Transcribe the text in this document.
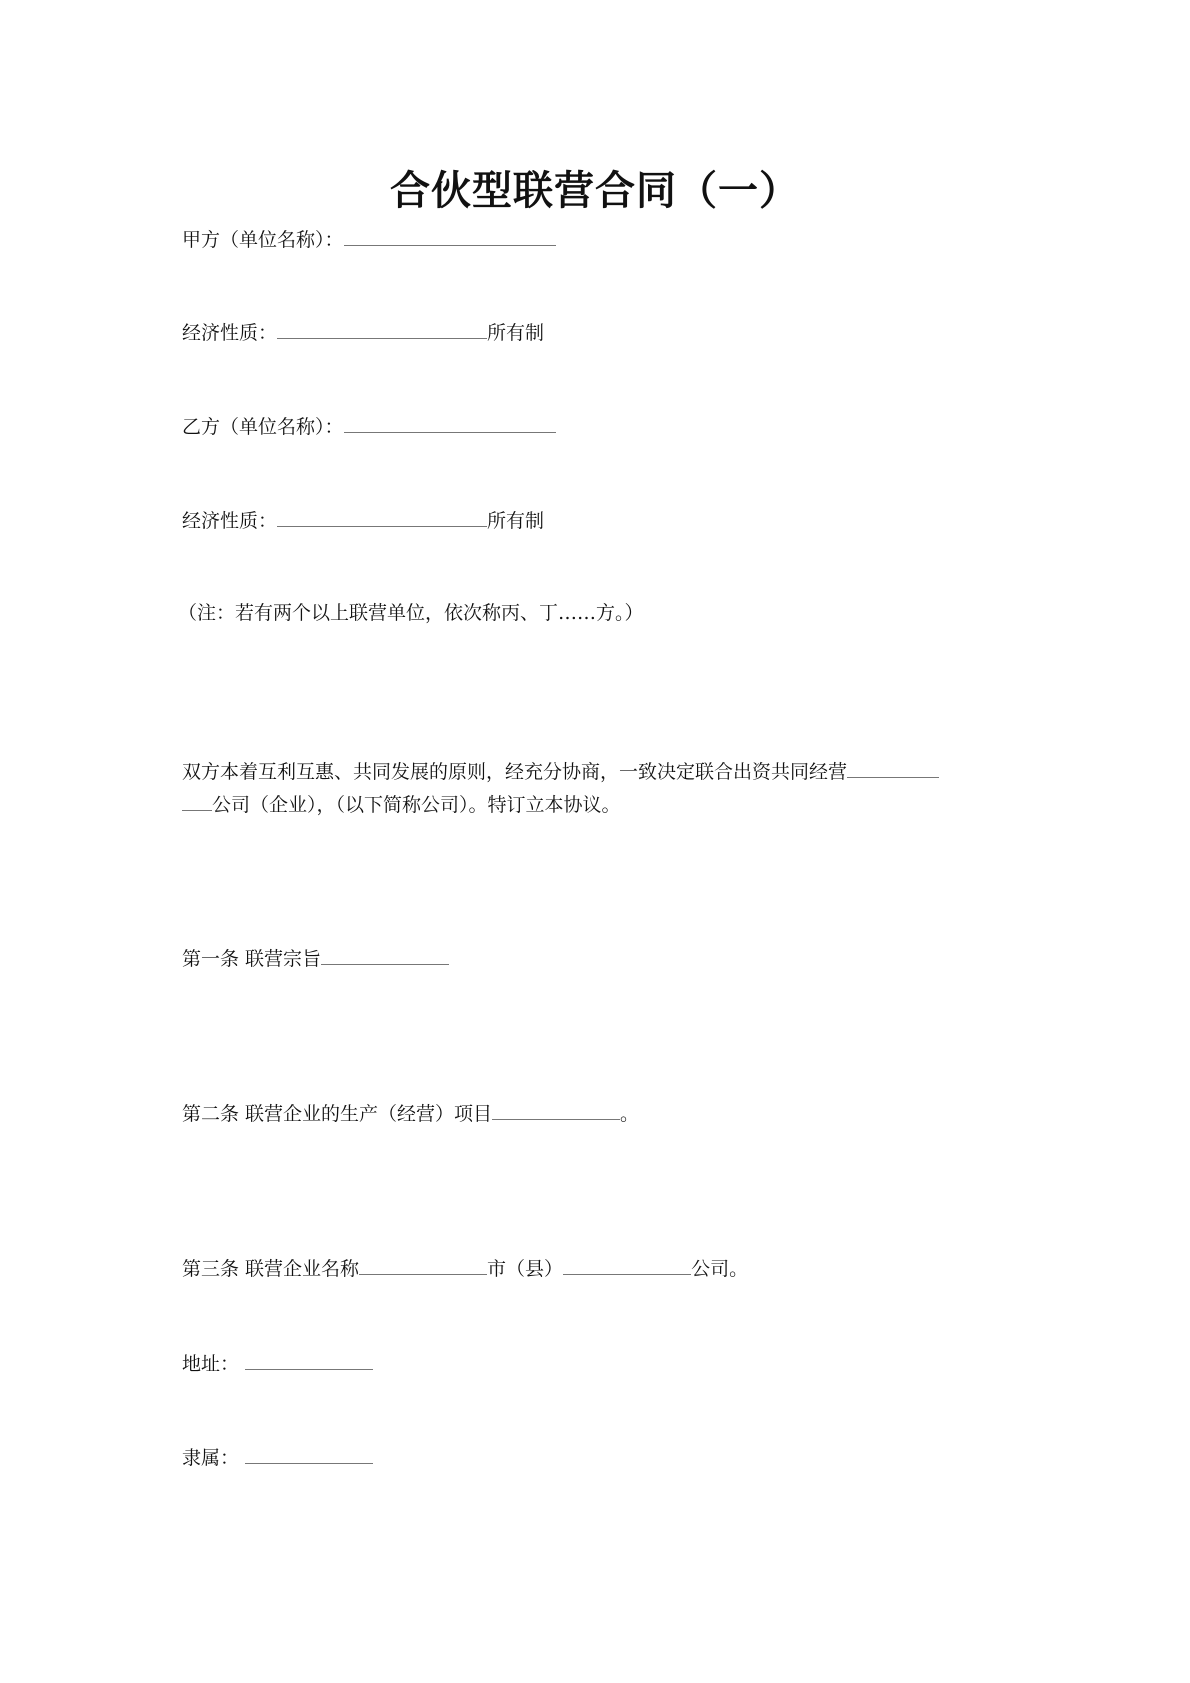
合伙型联营合同（一）
甲方（单位名称）：
经济性质：	所有制
乙方（单位名称）：
经济性质：	所有制
（注：若有两个以上联营单位，依次称丙、丁……方。）
双方本着互利互惠、共同发展的原则，经充分协商，一致决定联合出资共同经营
公司（企业），（以下简称公司）。特订立本协议。
第一条 联营宗旨
第二条 联营企业的生产（经营）项目	。
第三条 联营企业名称	市（县）	公司。
地址：
隶属：
